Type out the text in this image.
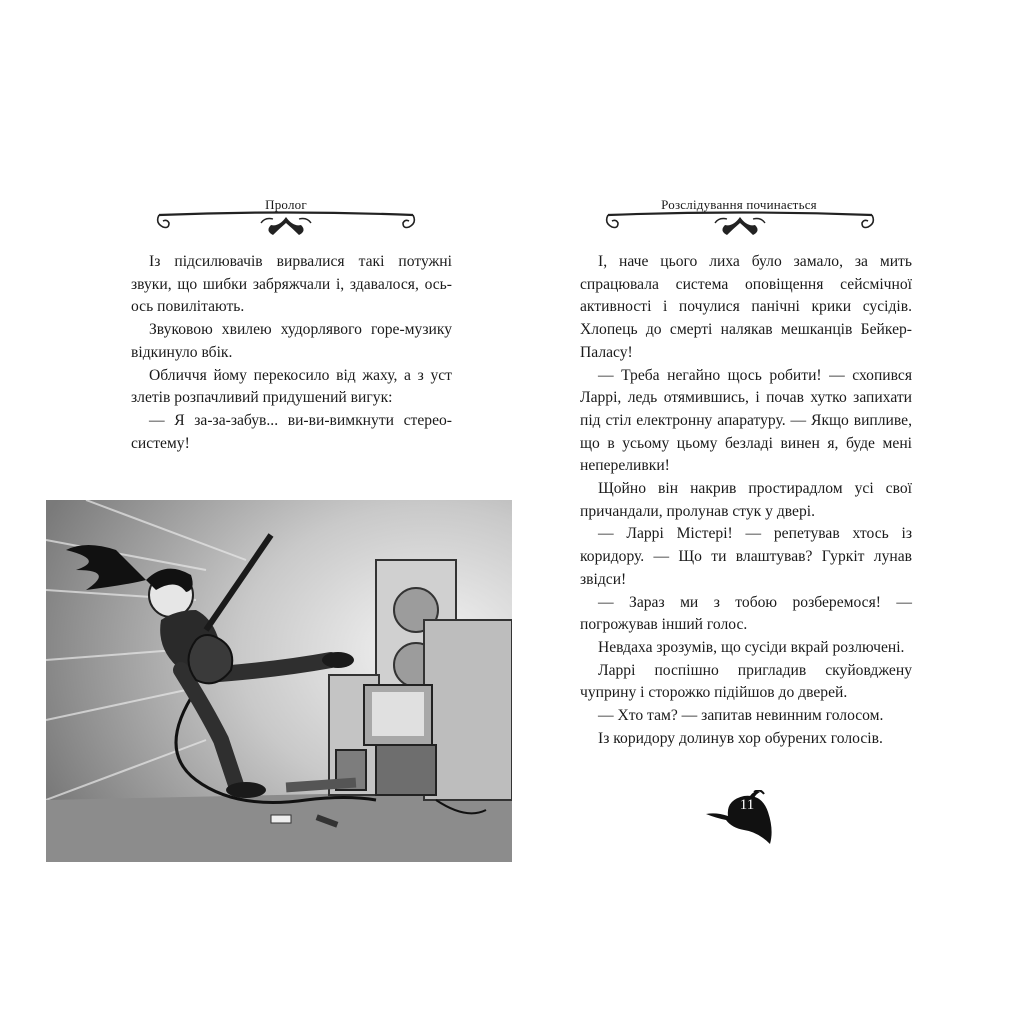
Пролог

Із підсилювачів вирвалися такі потужні звуки, що шибки забряжчали і, здавалося, ось-ось повилітають.

Звуковою хвилею худорлявого горе-музику відкинуло вбік.

Обличчя йому перекосило від жаху, а з уст злетів розпачливий придушений вигук:

— Я за-за-забув... ви-ви-вимкнути стереосистему!

Розслідування починається

І, наче цього лиха було замало, за мить спрацювала система оповіщення сейсмічної активності і почулися панічні крики сусідів. Хлопець до смерті налякав мешканців Бейкер-Паласу!

— Треба негайно щось робити! — схопився Ларрі, ледь отямившись, і почав хутко запихати під стіл електронну апаратуру. — Якщо випливе, що в усьому цьому безладі винен я, буде мені непереливки!

Щойно він накрив простирадлом усі свої причандали, пролунав стук у двері.

— Ларрі Містері! — репетував хтось із коридору. — Що ти влаштував? Гуркіт лунав звідси!

— Зараз ми з тобою розберемося! — погрожував інший голос.

Невдаха зрозумів, що сусіди вкрай розлючені.

Ларрі поспішно пригладив скуйовджену чуприну і сторожко підійшов до дверей.

— Хто там? — запитав невинним голосом.

Із коридору долинув хор обурених голосів.

11
